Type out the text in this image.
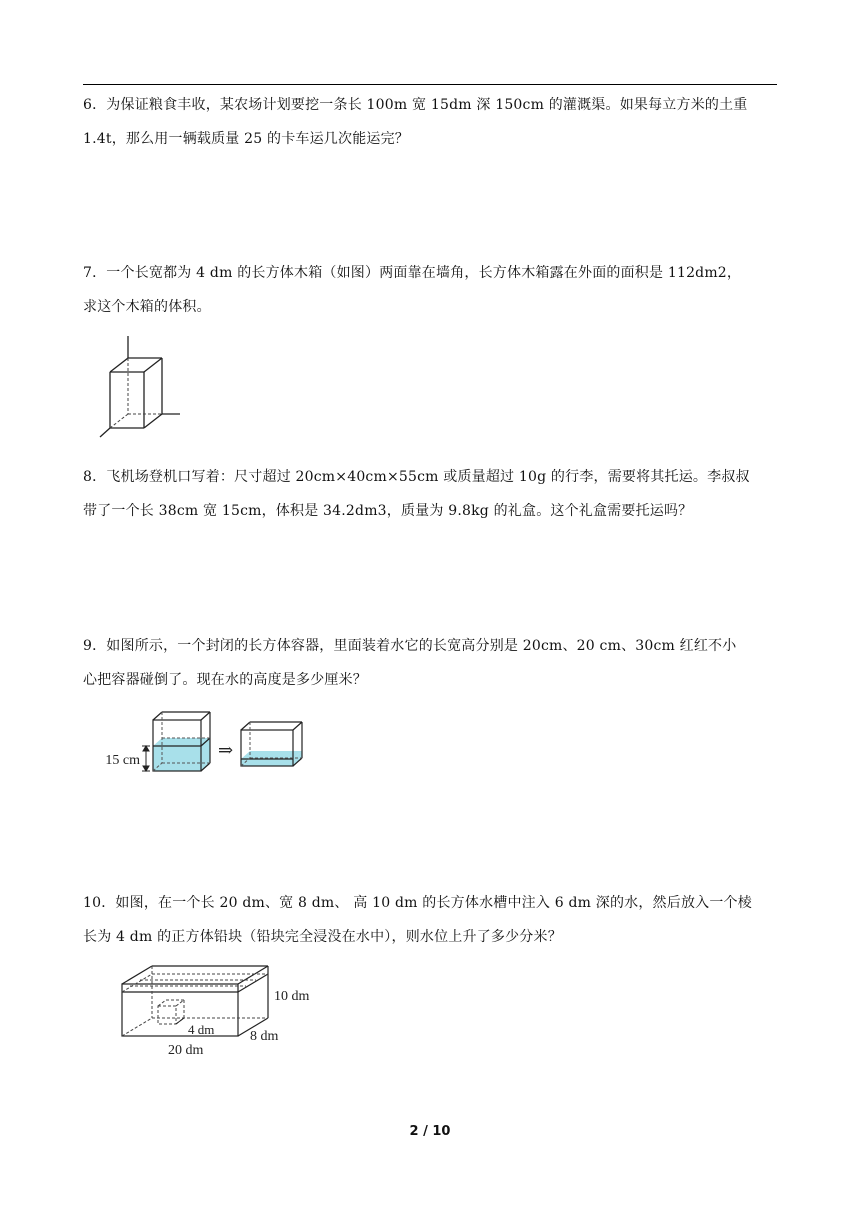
6．为保证粮食丰收，某农场计划要挖一条长 100m 宽 15dm 深 150cm 的灌溉渠。如果每立方米的土重
1.4t，那么用一辆载质量 25 的卡车运几次能运完？
7．一个长宽都为 4 dm 的长方体木箱（如图）两面靠在墙角，长方体木箱露在外面的面积是 112dm2，
求这个木箱的体积。
8．飞机场登机口写着：尺寸超过 20cm×40cm×55cm 或质量超过 10g 的行李，需要将其托运。李叔叔
带了一个长 38cm 宽 15cm，体积是 34.2dm3，质量为 9.8kg 的礼盒。这个礼盒需要托运吗？
9．如图所示，一个封闭的长方体容器，里面装着水它的长宽高分别是 20cm、20 cm、30cm 红红不小
心把容器碰倒了。现在水的高度是多少厘米？
15 cm
⇒
10．如图，在一个长 20 dm、宽 8 dm、 高 10 dm 的长方体水槽中注入 6 dm 深的水，然后放入一个棱
长为 4 dm 的正方体铅块（铅块完全浸没在水中），则水位上升了多少分米？
10 dm
4 dm	8 dm
20 dm
2 / 10
